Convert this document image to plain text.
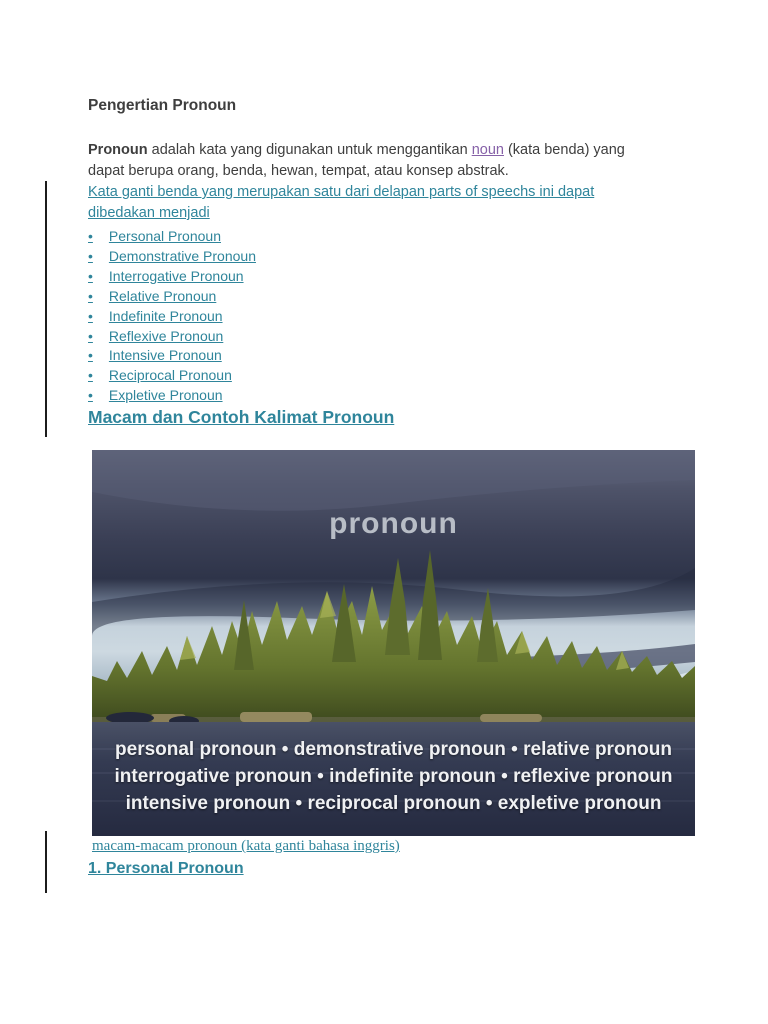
Pengertian Pronoun

Pronoun adalah kata yang digunakan untuk menggantikan noun (kata benda) yang
dapat berupa orang, benda, hewan, tempat, atau konsep abstrak.

Kata ganti benda yang merupakan satu dari delapan parts of speechs ini dapat
dibedakan menjadi
• Personal Pronoun
• Demonstrative Pronoun
• Interrogative Pronoun
• Relative Pronoun
• Indefinite Pronoun
• Reflexive Pronoun
• Intensive Pronoun
• Reciprocal Pronoun
• Expletive Pronoun
Macam dan Contoh Kalimat Pronoun
pronoun
personal pronoun • demonstrative pronoun • relative pronoun
interrogative pronoun • indefinite pronoun • reflexive pronoun
intensive pronoun • reciprocal pronoun • expletive pronoun
macam-macam pronoun (kata ganti bahasa inggris)
1. Personal Pronoun
